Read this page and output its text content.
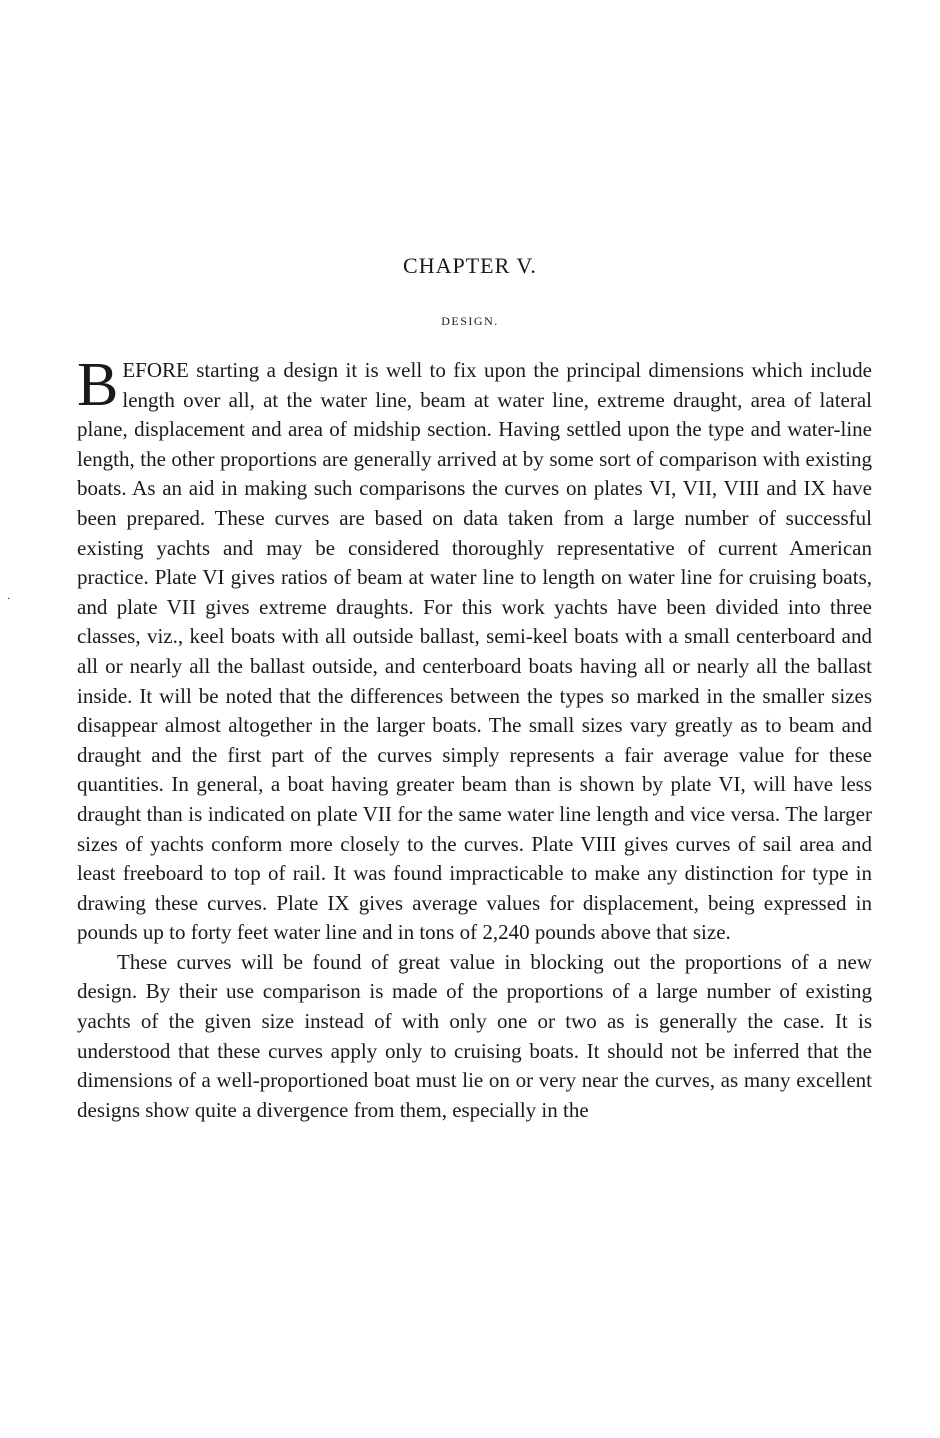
CHAPTER V.
DESIGN.
·

BEFORE starting a design it is well to fix upon the principal dimensions which include length over all, at the water line, beam at water line, extreme draught, area of lateral plane, displacement and area of midship section. Having settled upon the type and water-line length, the other proportions are generally arrived at by some sort of comparison with existing boats. As an aid in making such comparisons the curves on plates VI, VII, VIII and IX have been prepared. These curves are based on data taken from a large number of successful existing yachts and may be considered thoroughly representative of current American practice. Plate VI gives ratios of beam at water line to length on water line for cruising boats, and plate VII gives extreme draughts. For this work yachts have been divided into three classes, viz., keel boats with all outside ballast, semi-keel boats with a small centerboard and all or nearly all the ballast outside, and centerboard boats having all or nearly all the ballast inside. It will be noted that the differences between the types so marked in the smaller sizes disappear almost altogether in the larger boats. The small sizes vary greatly as to beam and draught and the first part of the curves simply represents a fair average value for these quantities. In general, a boat having greater beam than is shown by plate VI, will have less draught than is indicated on plate VII for the same water line length and vice versa. The larger sizes of yachts conform more closely to the curves. Plate VIII gives curves of sail area and least freeboard to top of rail. It was found impracticable to make any distinction for type in drawing these curves. Plate IX gives average values for displacement, being expressed in pounds up to forty feet water line and in tons of 2,240 pounds above that size.

These curves will be found of great value in blocking out the proportions of a new design. By their use comparison is made of the proportions of a large number of existing yachts of the given size instead of with only one or two as is generally the case. It is understood that these curves apply only to cruising boats. It should not be inferred that the dimensions of a well-proportioned boat must lie on or very near the curves, as many excellent designs show quite a divergence from them, especially in the
